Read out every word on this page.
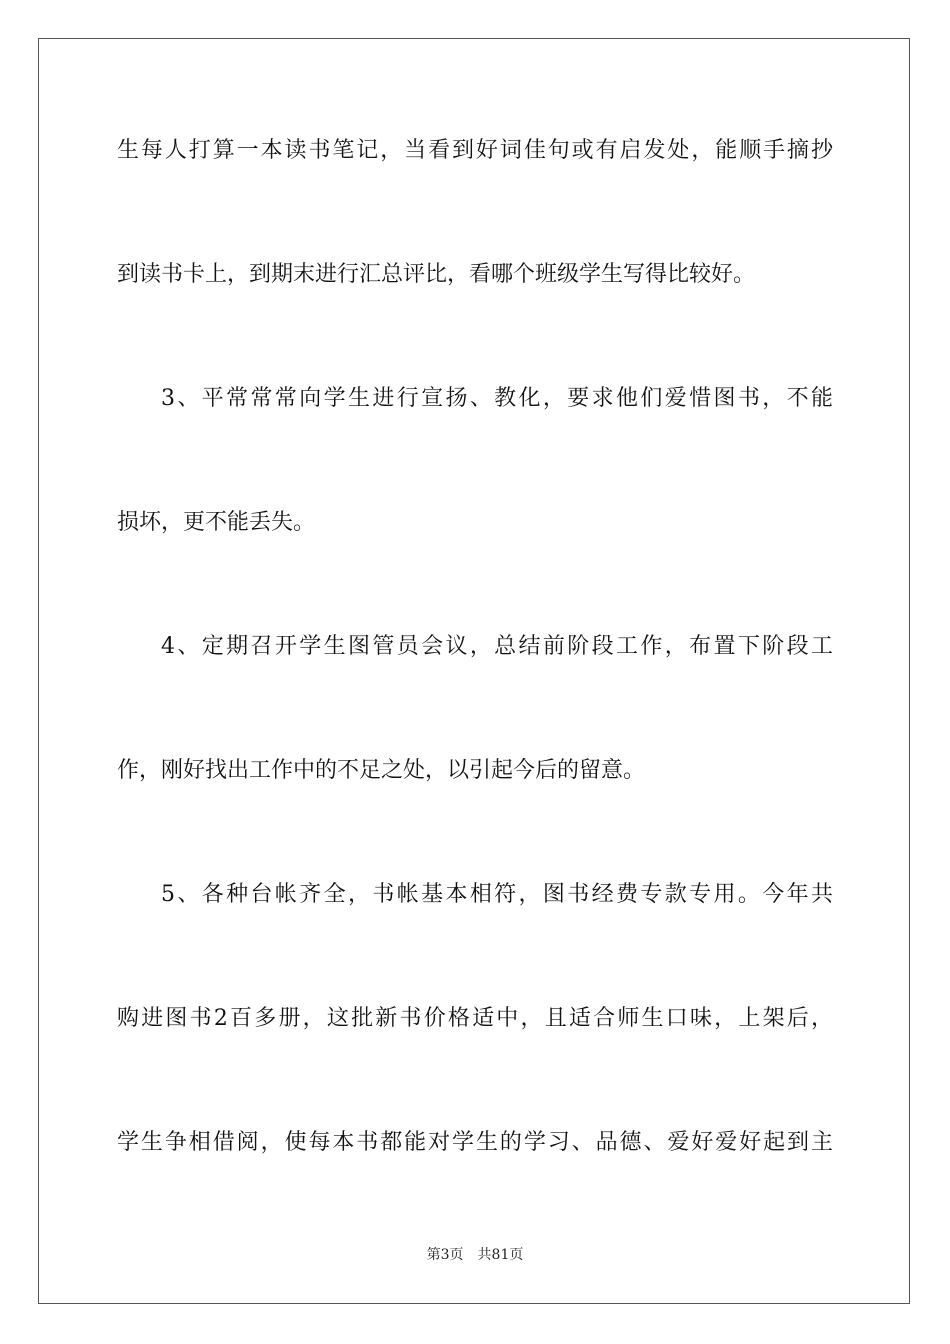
生每人打算一本读书笔记，当看到好词佳句或有启发处，能顺手摘抄
到读书卡上，到期末进行汇总评比，看哪个班级学生写得比较好。
3、平常常常向学生进行宣扬、教化，要求他们爱惜图书，不能
损坏，更不能丢失。
4、定期召开学生图管员会议，总结前阶段工作，布置下阶段工
作，刚好找出工作中的不足之处，以引起今后的留意。
5、各种台帐齐全，书帐基本相符，图书经费专款专用。今年共
购进图书2百多册，这批新书价格适中，且适合师生口味，上架后，
学生争相借阅，使每本书都能对学生的学习、品德、爱好爱好起到主
第3页 共81页
